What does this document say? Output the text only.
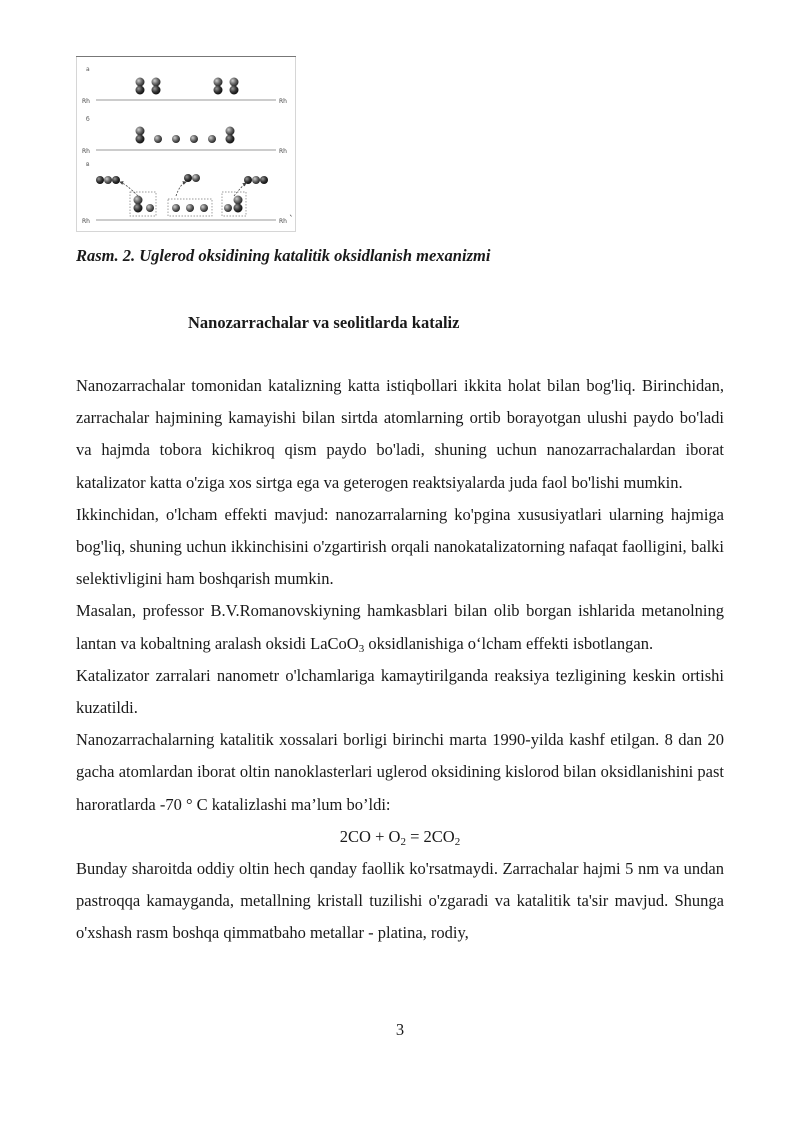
a
Rh	Rh
б
Rh	Rh
в
Rh	Rh `
Rasm. 2. Uglerod oksidining katalitik oksidlanish mexanizmi
Nanozarrachalar va seolitlarda kataliz

Nanozarrachalar tomonidan katalizning katta istiqbollari ikkita holat bilan bog'liq. Birinchidan, zarrachalar hajmining kamayishi bilan sirtda atomlarning ortib borayotgan ulushi paydo bo'ladi va hajmda tobora kichikroq qism paydo bo'ladi, shuning uchun nanozarrachalardan iborat katalizator katta o'ziga xos sirtga ega va geterogen reaktsiyalarda juda faol bo'lishi mumkin.

Ikkinchidan, o'lcham effekti mavjud: nanozarralarning ko'pgina xususiyatlari ularning hajmiga bog'liq, shuning uchun ikkinchisini o'zgartirish orqali nanokatalizatorning nafaqat faolligini, balki selektivligini ham boshqarish mumkin.

Masalan, professor B.V.Romanovskiyning hamkasblari bilan olib borgan ishlarida metanolning lantan va kobaltning aralash oksidi LaCoO$_3$ oksidlanishiga o‘lcham effekti isbotlangan.

Katalizator zarralari nanometr o'lchamlariga kamaytirilganda reaksiya tezligining keskin ortishi kuzatildi.

Nanozarrachalarning katalitik xossalari borligi birinchi marta 1990-yilda kashf etilgan. 8 dan 20 gacha atomlardan iborat oltin nanoklasterlari uglerod oksidining kislorod bilan oksidlanishini past haroratlarda -70 ° C katalizlashi ma’lum bo’ldi:

$2CO + O_2 = 2CO_2$

Bunday sharoitda oddiy oltin hech qanday faollik ko'rsatmaydi. Zarrachalar hajmi 5 nm va undan pastroqqa kamayganda, metallning kristall tuzilishi o'zgaradi va katalitik ta'sir mavjud. Shunga o'xshash rasm boshqa qimmatbaho metallar - platina, rodiy,

3
